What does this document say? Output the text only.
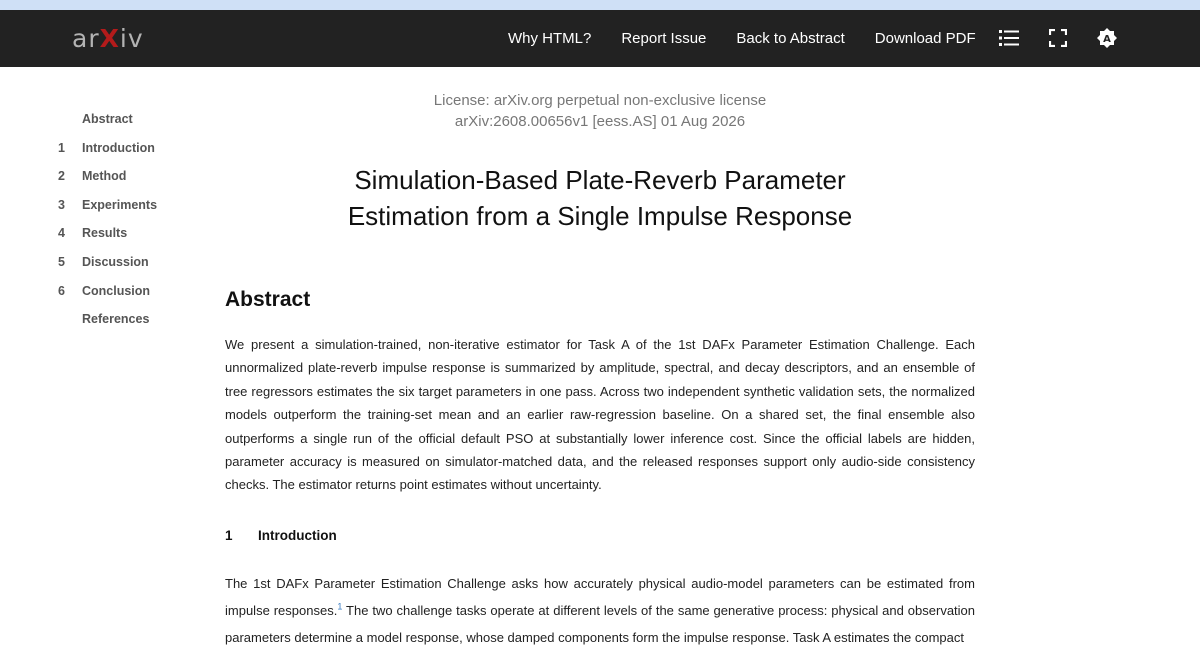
arXiv	Why HTML? Report Issue Back to Abstract Download PDF	A
Abstract
1	Introduction
2	Method
3	Experiments
4	Results
5	Discussion
6	Conclusion
References
License: arXiv.org perpetual non-exclusive license
arXiv:2608.00656v1 [eess.AS] 01 Aug 2026
Simulation-Based Plate-Reverb Parameter
Estimation from a Single Impulse Response
Abstract

We present a simulation-trained, non-iterative estimator for Task A of the 1st DAFx Parameter Estimation Challenge. Each unnormalized plate-reverb impulse response is summarized by amplitude, spectral, and decay descriptors, and an ensemble of tree regressors estimates the six target parameters in one pass. Across two independent synthetic validation sets, the normalized models outperform the training-set mean and an earlier raw-regression baseline. On a shared set, the final ensemble also outperforms a single run of the official default PSO at substantially lower inference cost. Since the official labels are hidden, parameter accuracy is measured on simulator-matched data, and the released responses support only audio-side consistency checks. The estimator returns point estimates without uncertainty.

1 Introduction

The 1st DAFx Parameter Estimation Challenge asks how accurately physical audio-model parameters can be estimated from impulse responses.$^1$ The two challenge tasks operate at different levels of the same generative process: physical and observation parameters determine a model response, whose damped components form the impulse response. Task A estimates the compact
